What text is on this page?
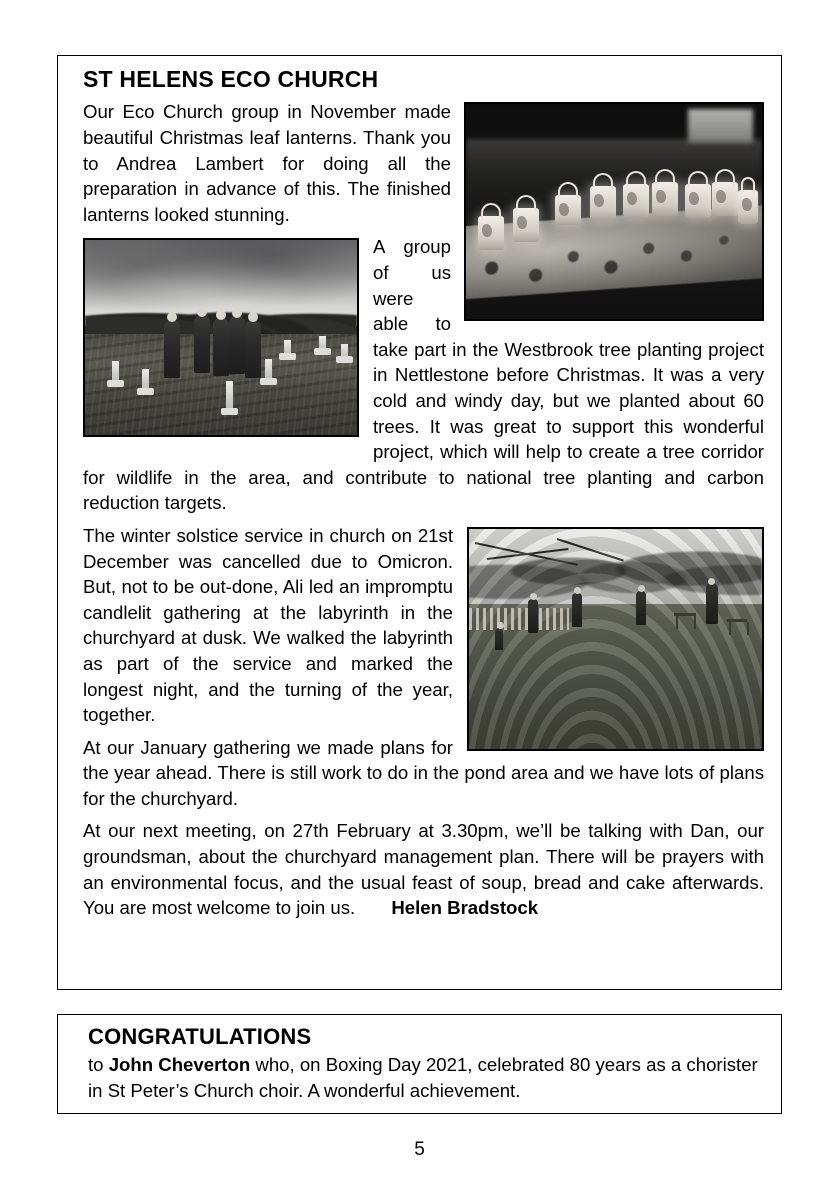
ST HELENS ECO CHURCH

Our Eco Church group in November made beautiful Christmas leaf lanterns. Thank you to Andrea Lambert for doing all the preparation in advance of this. The finished lanterns looked stunning.

A group of us were able to take part in the Westbrook tree planting project in Nettlestone before Christmas. It was a very cold and windy day, but we planted about 60 trees. It was great to support this wonderful project, which will help to create a tree corridor for wildlife in the area, and contribute to national tree planting and carbon reduction targets.

The winter solstice service in church on 21st December was cancelled due to Omicron. But, not to be out-done, Ali led an impromptu candlelit gathering at the labyrinth in the churchyard at dusk. We walked the labyrinth as part of the service and marked the longest night, and the turning of the year, together.

At our January gathering we made plans for the year ahead. There is still work to do in the pond area and we have lots of plans for the churchyard.

At our next meeting, on 27th February at 3.30pm, we’ll be talking with Dan, our groundsman, about the churchyard management plan. There will be prayers with an environmental focus, and the usual feast of soup, bread and cake afterwards. You are most welcome to join us. Helen Bradstock

CONGRATULATIONS

to John Cheverton who, on Boxing Day 2021, celebrated 80 years as a chorister in St Peter’s Church choir. A wonderful achievement.

5
